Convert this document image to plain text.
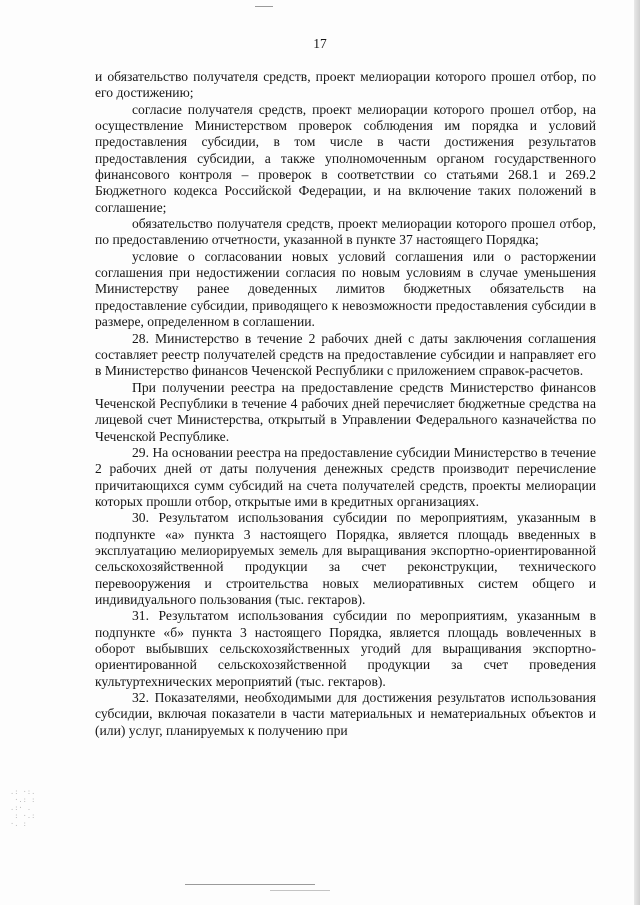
.: ·:.
·.: :
.:· .
: ·.:
·. :
17

и обязательство получателя средств, проект мелиорации которого прошел отбор, по его достижению;

согласие получателя средств, проект мелиорации которого прошел отбор, на осуществление Министерством проверок соблюдения им порядка и условий предоставления субсидии, в том числе в части достижения результатов предоставления субсидии, а также уполномоченным органом государственного финансового контроля – проверок в соответствии со статьями 268.1 и 269.2 Бюджетного кодекса Российской Федерации, и на включение таких положений в соглашение;

обязательство получателя средств, проект мелиорации которого прошел отбор, по предоставлению отчетности, указанной в пункте 37 настоящего Порядка;

условие о согласовании новых условий соглашения или о расторжении соглашения при недостижении согласия по новым условиям в случае уменьшения Министерству ранее доведенных лимитов бюджетных обязательств на предоставление субсидии, приводящего к невозможности предоставления субсидии в размере, определенном в соглашении.

28. Министерство в течение 2 рабочих дней с даты заключения соглашения составляет реестр получателей средств на предоставление субсидии и направляет его в Министерство финансов Чеченской Республики с приложением справок-расчетов.

При получении реестра на предоставление средств Министерство финансов Чеченской Республики в течение 4 рабочих дней перечисляет бюджетные средства на лицевой счет Министерства, открытый в Управлении Федерального казначейства по Чеченской Республике.

29. На основании реестра на предоставление субсидии Министерство в течение 2 рабочих дней от даты получения денежных средств производит перечисление причитающихся сумм субсидий на счета получателей средств, проекты мелиорации которых прошли отбор, открытые ими в кредитных организациях.

30. Результатом использования субсидии по мероприятиям, указанным в подпункте «а» пункта 3 настоящего Порядка, является площадь введенных в эксплуатацию мелиорируемых земель для выращивания экспортно-ориентированной сельскохозяйственной продукции за счет реконструкции, технического перевооружения и строительства новых мелиоративных систем общего и индивидуального пользования (тыс. гектаров).

31. Результатом использования субсидии по мероприятиям, указанным в подпункте «б» пункта 3 настоящего Порядка, является площадь вовлеченных в оборот выбывших сельскохозяйственных угодий для выращивания экспортно-ориентированной сельскохозяйственной продукции за счет проведения культуртехнических мероприятий (тыс. гектаров).

32. Показателями, необходимыми для достижения результатов использования субсидии, включая показатели в части материальных и нематериальных объектов и (или) услуг, планируемых к получению при
